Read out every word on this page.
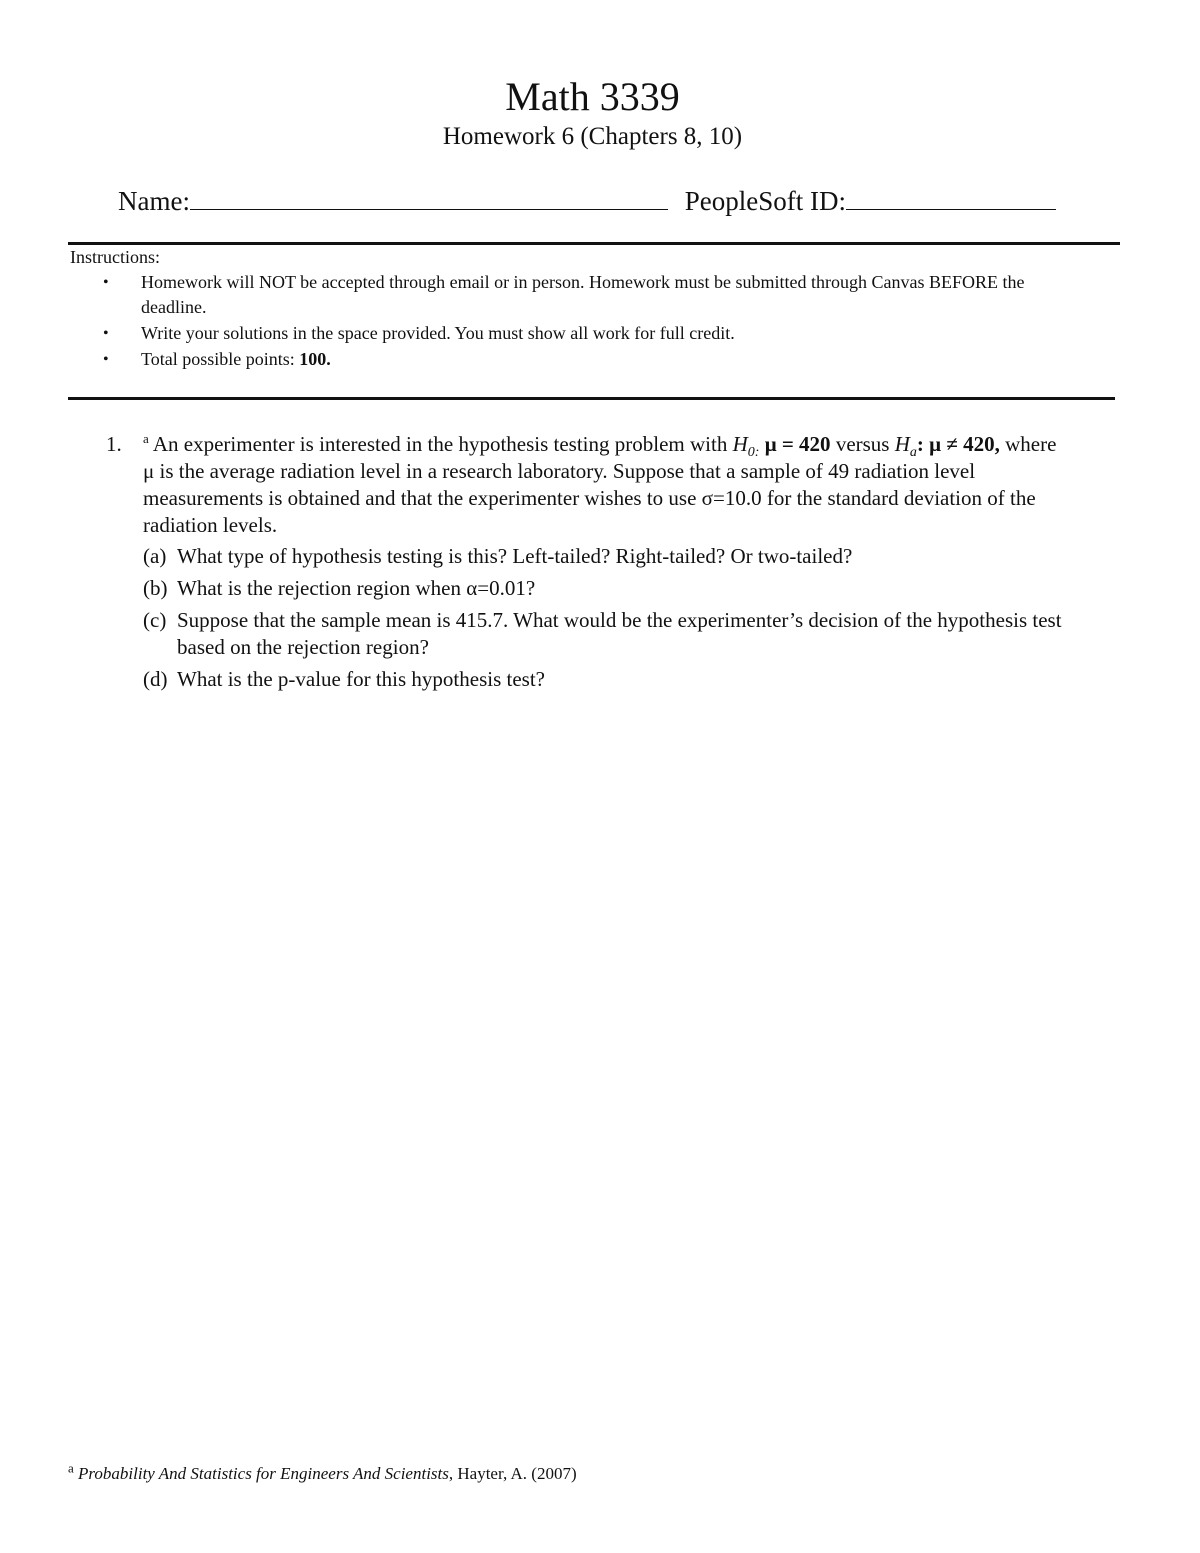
Math 3339
Homework 6 (Chapters 8, 10)
Name:	PeopleSoft ID:
Instructions:
• Homework will NOT be accepted through email or in person. Homework must be submitted through Canvas BEFORE the deadline.
• Write your solutions in the space provided. You must show all work for full credit.
• Total possible points: 100.
1. $^a$ An experimenter is interested in the hypothesis testing problem with $H_{0:}$ μ = 420 versus $H_a$: μ ≠ 420, where μ is the average radiation level in a research laboratory. Suppose that a sample of 49 radiation level measurements is obtained and that the experimenter wishes to use σ=10.0 for the standard deviation of the radiation levels.
(a) What type of hypothesis testing is this? Left-tailed? Right-tailed? Or two-tailed?
(b) What is the rejection region when α=0.01?
(c) Suppose that the sample mean is 415.7. What would be the experimenter’s decision of the hypothesis test based on the rejection region?
(d) What is the p-value for this hypothesis test?
$^a$ Probability And Statistics for Engineers And Scientists, Hayter, A. (2007)
